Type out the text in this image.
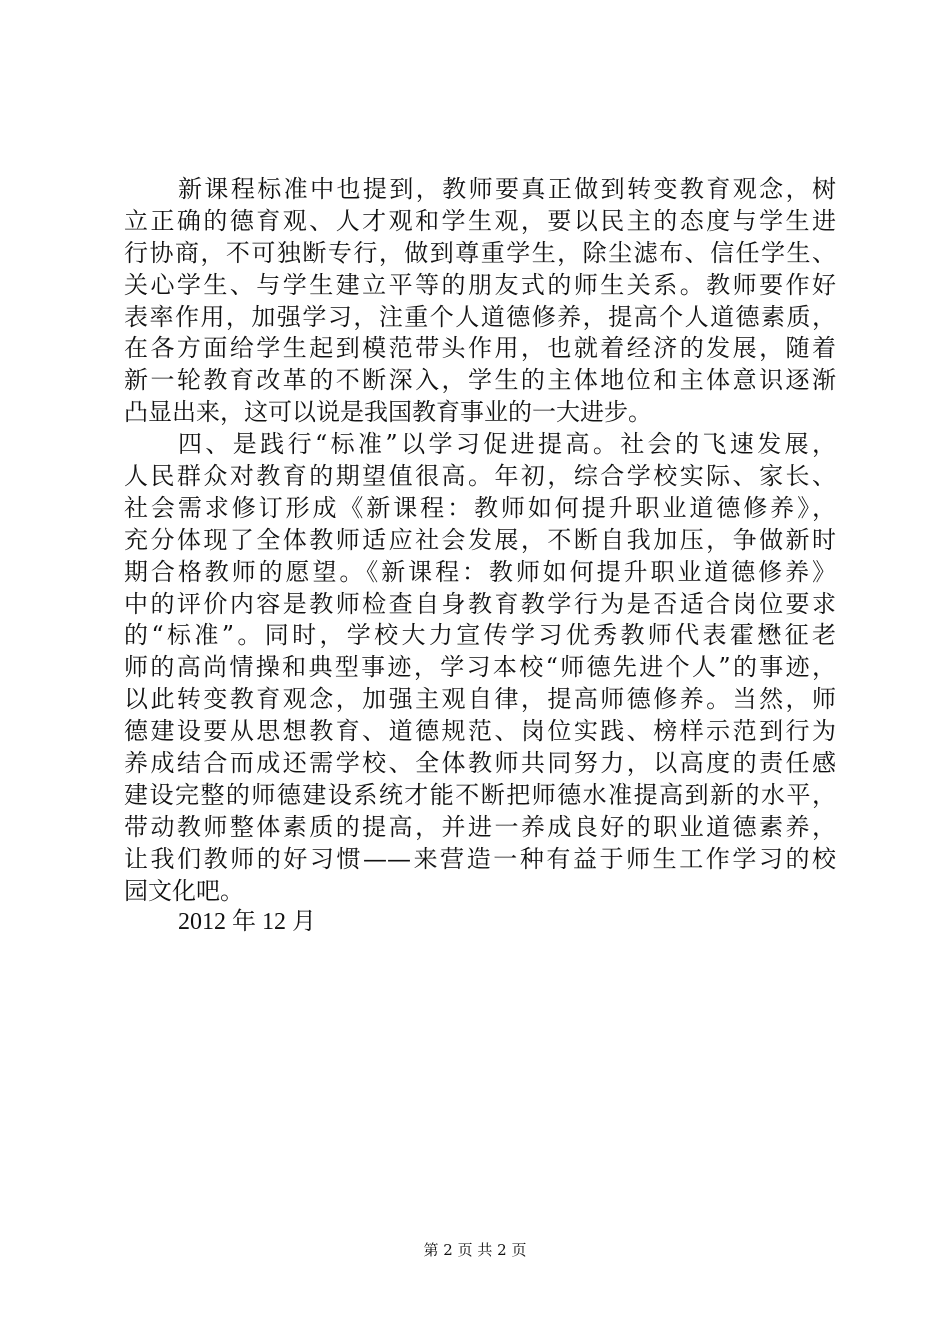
新课程标准中也提到，教师要真正做到转变教育观念，树
立正确的德育观、人才观和学生观，要以民主的态度与学生进
行协商，不可独断专行，做到尊重学生，除尘滤布、信任学生、
关心学生、与学生建立平等的朋友式的师生关系。教师要作好
表率作用，加强学习，注重个人道德修养，提高个人道德素质，
在各方面给学生起到模范带头作用，也就着经济的发展，随着
新一轮教育改革的不断深入，学生的主体地位和主体意识逐渐
凸显出来，这可以说是我国教育事业的一大进步。
四、是践行“标准”以学习促进提高。社会的飞速发展，
人民群众对教育的期望值很高。年初，综合学校实际、家长、
社会需求修订形成《新课程：教师如何提升职业道德修养》，
充分体现了全体教师适应社会发展，不断自我加压，争做新时
期合格教师的愿望。《新课程：教师如何提升职业道德修养》
中的评价内容是教师检查自身教育教学行为是否适合岗位要求
的“标准”。同时，学校大力宣传学习优秀教师代表霍懋征老
师的高尚情操和典型事迹，学习本校“师德先进个人”的事迹，
以此转变教育观念，加强主观自律，提高师德修养。当然，师
德建设要从思想教育、道德规范、岗位实践、榜样示范到行为
养成结合而成还需学校、全体教师共同努力，以高度的责任感
建设完整的师德建设系统才能不断把师德水准提高到新的水平，
带动教师整体素质的提高，并进一养成良好的职业道德素养，
让我们教师的好习惯——来营造一种有益于师生工作学习的校
园文化吧。
2012 年 12 月
第 2 页 共 2 页
